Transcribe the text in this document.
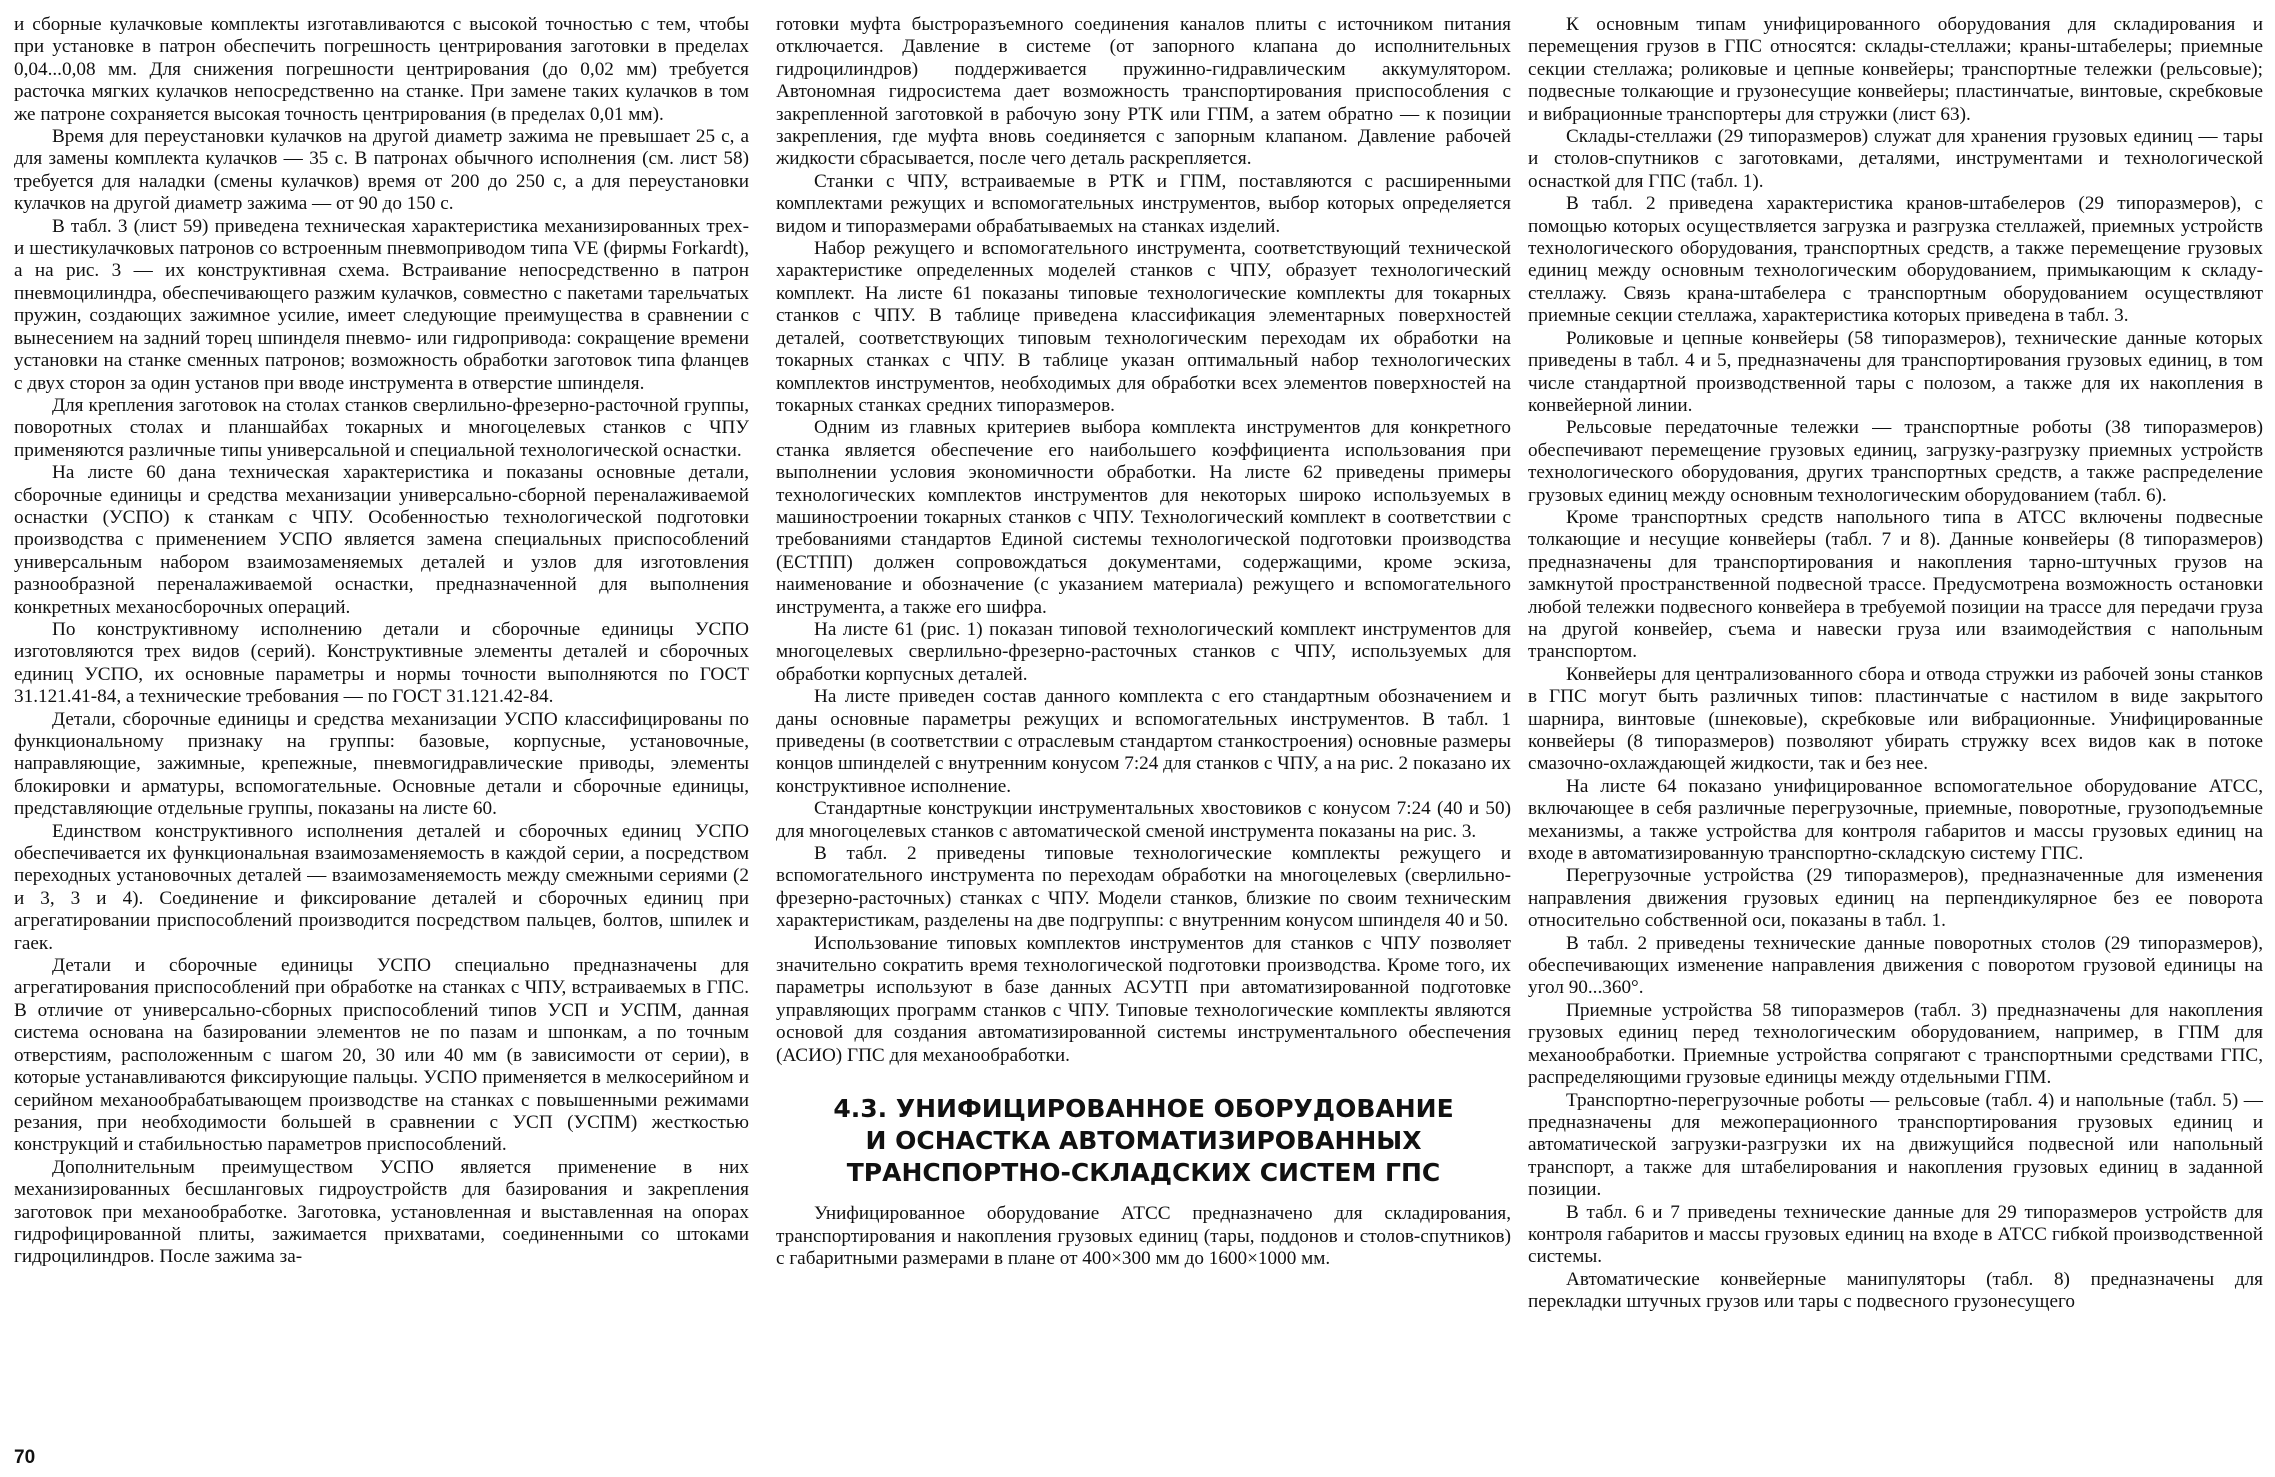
и сборные кулачковые комплекты изготавливаются с высокой точностью с тем, чтобы при установке в патрон обеспечить погрешность центрирования заготовки в пределах 0,04...0,08 мм. Для снижения погрешности центрирования (до 0,02 мм) требуется расточка мягких кулачков непосредственно на станке. При замене таких кулачков в том же патроне сохраняется высокая точность центрирования (в пределах 0,01 мм).

Время для переустановки кулачков на другой диаметр зажима не превышает 25 с, а для замены комплекта кулачков — 35 с. В патронах обычного исполнения (см. лист 58) требуется для наладки (смены кулачков) время от 200 до 250 с, а для переустановки кулачков на другой диаметр зажима — от 90 до 150 с.

В табл. 3 (лист 59) приведена техническая характеристика механизированных трех- и шестикулачковых патронов со встроенным пневмоприводом типа VE (фирмы Forkardt), а на рис. 3 — их конструктивная схема. Встраивание непосредственно в патрон пневмоцилиндра, обеспечивающего разжим кулачков, совместно с пакетами тарельчатых пружин, создающих зажимное усилие, имеет следующие преимущества в сравнении с вынесением на задний торец шпинделя пневмо- или гидропривода: сокращение времени установки на станке сменных патронов; возможность обработки заготовок типа фланцев с двух сторон за один установ при вводе инструмента в отверстие шпинделя.

Для крепления заготовок на столах станков сверлильно-фрезерно-расточной группы, поворотных столах и планшайбах токарных и многоцелевых станков с ЧПУ применяются различные типы универсальной и специальной технологической оснастки.

На листе 60 дана техническая характеристика и показаны основные детали, сборочные единицы и средства механизации универсально-сборной переналаживаемой оснастки (УСПО) к станкам с ЧПУ. Особенностью технологической подготовки производства с применением УСПО является замена специальных приспособлений универсальным набором взаимозаменяемых деталей и узлов для изготовления разнообразной переналаживаемой оснастки, предназначенной для выполнения конкретных механосборочных операций.

По конструктивному исполнению детали и сборочные единицы УСПО изготовляются трех видов (серий). Конструктивные элементы деталей и сборочных единиц УСПО, их основные параметры и нормы точности выполняются по ГОСТ 31.121.41-84, а технические требования — по ГОСТ 31.121.42-84.

Детали, сборочные единицы и средства механизации УСПО классифицированы по функциональному признаку на группы: базовые, корпусные, установочные, направляющие, зажимные, крепежные, пневмогидравлические приводы, элементы блокировки и арматуры, вспомогательные. Основные детали и сборочные единицы, представляющие отдельные группы, показаны на листе 60.

Единством конструктивного исполнения деталей и сборочных единиц УСПО обеспечивается их функциональная взаимозаменяемость в каждой серии, а посредством переходных установочных деталей — взаимозаменяемость между смежными сериями (2 и 3, 3 и 4). Соединение и фиксирование деталей и сборочных единиц при агрегатировании приспособлений производится посредством пальцев, болтов, шпилек и гаек.

Детали и сборочные единицы УСПО специально предназначены для агрегатирования приспособлений при обработке на станках с ЧПУ, встраиваемых в ГПС. В отличие от универсально-сборных приспособлений типов УСП и УСПМ, данная система основана на базировании элементов не по пазам и шпонкам, а по точным отверстиям, расположенным с шагом 20, 30 или 40 мм (в зависимости от серии), в которые устанавливаются фиксирующие пальцы. УСПО применяется в мелкосерийном и серийном механообрабатывающем производстве на станках с повышенными режимами резания, при необходимости большей в сравнении с УСП (УСПМ) жесткостью конструкций и стабильностью параметров приспособлений.

Дополнительным преимуществом УСПО является применение в них механизированных бесшланговых гидроустройств для базирования и закрепления заготовок при механообработке. Заготовка, установленная и выставленная на опорах гидрофицированной плиты, зажимается прихватами, соединенными со штоками гидроцилиндров. После зажима за-

готовки муфта быстроразъемного соединения каналов плиты с источником питания отключается. Давление в системе (от запорного клапана до исполнительных гидроцилиндров) поддерживается пружинно-гидравлическим аккумулятором. Автономная гидросистема дает возможность транспортирования приспособления с закрепленной заготовкой в рабочую зону РТК или ГПМ, а затем обратно — к позиции закрепления, где муфта вновь соединяется с запорным клапаном. Давление рабочей жидкости сбрасывается, после чего деталь раскрепляется.

Станки с ЧПУ, встраиваемые в РТК и ГПМ, поставляются с расширенными комплектами режущих и вспомогательных инструментов, выбор которых определяется видом и типоразмерами обрабатываемых на станках изделий.

Набор режущего и вспомогательного инструмента, соответствующий технической характеристике определенных моделей станков с ЧПУ, образует технологический комплект. На листе 61 показаны типовые технологические комплекты для токарных станков с ЧПУ. В таблице приведена классификация элементарных поверхностей деталей, соответствующих типовым технологическим переходам их обработки на токарных станках с ЧПУ. В таблице указан оптимальный набор технологических комплектов инструментов, необходимых для обработки всех элементов поверхностей на токарных станках средних типоразмеров.

Одним из главных критериев выбора комплекта инструментов для конкретного станка является обеспечение его наибольшего коэффициента использования при выполнении условия экономичности обработки. На листе 62 приведены примеры технологических комплектов инструментов для некоторых широко используемых в машиностроении токарных станков с ЧПУ. Технологический комплект в соответствии с требованиями стандартов Единой системы технологической подготовки производства (ЕСТПП) должен сопровождаться документами, содержащими, кроме эскиза, наименование и обозначение (с указанием материала) режущего и вспомогательного инструмента, а также его шифра.

На листе 61 (рис. 1) показан типовой технологический комплект инструментов для многоцелевых сверлильно-фрезерно-расточных станков с ЧПУ, используемых для обработки корпусных деталей.

На листе приведен состав данного комплекта с его стандартным обозначением и даны основные параметры режущих и вспомогательных инструментов. В табл. 1 приведены (в соответствии с отраслевым стандартом станкостроения) основные размеры концов шпинделей с внутренним конусом 7:24 для станков с ЧПУ, а на рис. 2 показано их конструктивное исполнение.

Стандартные конструкции инструментальных хвостовиков с конусом 7:24 (40 и 50) для многоцелевых станков с автоматической сменой инструмента показаны на рис. 3.

В табл. 2 приведены типовые технологические комплекты режущего и вспомогательного инструмента по переходам обработки на многоцелевых (сверлильно-фрезерно-расточных) станках с ЧПУ. Модели станков, близкие по своим техническим характеристикам, разделены на две подгруппы: с внутренним конусом шпинделя 40 и 50.

Использование типовых комплектов инструментов для станков с ЧПУ позволяет значительно сократить время технологической подготовки производства. Кроме того, их параметры используют в базе данных АСУТП при автоматизированной подготовке управляющих программ станков с ЧПУ. Типовые технологические комплекты являются основой для создания автоматизированной системы инструментального обеспечения (АСИО) ГПС для механообработки.

4.3. УНИФИЦИРОВАННОЕ ОБОРУДОВАНИЕ
И ОСНАСТКА АВТОМАТИЗИРОВАННЫХ
ТРАНСПОРТНО-СКЛАДСКИХ СИСТЕМ ГПС

Унифицированное оборудование АТСС предназначено для складирования, транспортирования и накопления грузовых единиц (тары, поддонов и столов-спутников) с габаритными размерами в плане от 400×300 мм до 1600×1000 мм.

К основным типам унифицированного оборудования для складирования и перемещения грузов в ГПС относятся: склады-стеллажи; краны-штабелеры; приемные секции стеллажа; роликовые и цепные конвейеры; транспортные тележки (рельсовые); подвесные толкающие и грузонесущие конвейеры; пластинчатые, винтовые, скребковые и вибрационные транспортеры для стружки (лист 63).

Склады-стеллажи (29 типоразмеров) служат для хранения грузовых единиц — тары и столов-спутников с заготовками, деталями, инструментами и технологической оснасткой для ГПС (табл. 1).

В табл. 2 приведена характеристика кранов-штабелеров (29 типоразмеров), с помощью которых осуществляется загрузка и разгрузка стеллажей, приемных устройств технологического оборудования, транспортных средств, а также перемещение грузовых единиц между основным технологическим оборудованием, примыкающим к складу-стеллажу. Связь крана-штабелера с транспортным оборудованием осуществляют приемные секции стеллажа, характеристика которых приведена в табл. 3.

Роликовые и цепные конвейеры (58 типоразмеров), технические данные которых приведены в табл. 4 и 5, предназначены для транспортирования грузовых единиц, в том числе стандартной производственной тары с полозом, а также для их накопления в конвейерной линии.

Рельсовые передаточные тележки — транспортные роботы (38 типоразмеров) обеспечивают перемещение грузовых единиц, загрузку-разгрузку приемных устройств технологического оборудования, других транспортных средств, а также распределение грузовых единиц между основным технологическим оборудованием (табл. 6).

Кроме транспортных средств напольного типа в АТСС включены подвесные толкающие и несущие конвейеры (табл. 7 и 8). Данные конвейеры (8 типоразмеров) предназначены для транспортирования и накопления тарно-штучных грузов на замкнутой пространственной подвесной трассе. Предусмотрена возможность остановки любой тележки подвесного конвейера в требуемой позиции на трассе для передачи груза на другой конвейер, съема и навески груза или взаимодействия с напольным транспортом.

Конвейеры для централизованного сбора и отвода стружки из рабочей зоны станков в ГПС могут быть различных типов: пластинчатые с настилом в виде закрытого шарнира, винтовые (шнековые), скребковые или вибрационные. Унифицированные конвейеры (8 типоразмеров) позволяют убирать стружку всех видов как в потоке смазочно-охлаждающей жидкости, так и без нее.

На листе 64 показано унифицированное вспомогательное оборудование АТСС, включающее в себя различные перегрузочные, приемные, поворотные, грузоподъемные механизмы, а также устройства для контроля габаритов и массы грузовых единиц на входе в автоматизированную транспортно-складскую систему ГПС.

Перегрузочные устройства (29 типоразмеров), предназначенные для изменения направления движения грузовых единиц на перпендикулярное без ее поворота относительно собственной оси, показаны в табл. 1.

В табл. 2 приведены технические данные поворотных столов (29 типоразмеров), обеспечивающих изменение направления движения с поворотом грузовой единицы на угол 90...360°.

Приемные устройства 58 типоразмеров (табл. 3) предназначены для накопления грузовых единиц перед технологическим оборудованием, например, в ГПМ для механообработки. Приемные устройства сопрягают с транспортными средствами ГПС, распределяющими грузовые единицы между отдельными ГПМ.

Транспортно-перегрузочные роботы — рельсовые (табл. 4) и напольные (табл. 5) — предназначены для межоперационного транспортирования грузовых единиц и автоматической загрузки-разгрузки их на движущийся подвесной или напольный транспорт, а также для штабелирования и накопления грузовых единиц в заданной позиции.

В табл. 6 и 7 приведены технические данные для 29 типоразмеров устройств для контроля габаритов и массы грузовых единиц на входе в АТСС гибкой производственной системы.

Автоматические конвейерные манипуляторы (табл. 8) предназначены для перекладки штучных грузов или тары с подвесного грузонесущего

70
